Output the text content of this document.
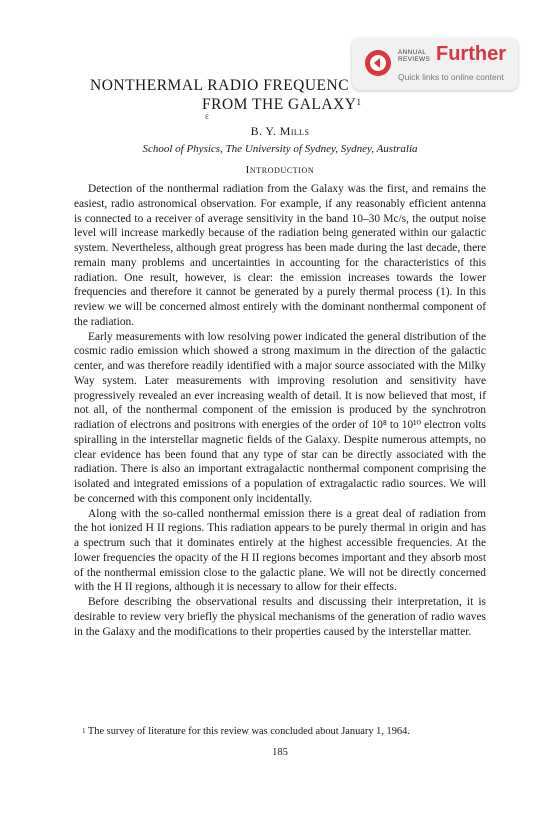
ANNUAL
REVIEWS Further
Quick links to online content
NONTHERMAL RADIO FREQUENC
FROM THE GALAXY$^1$
ɛ
B. Y. Mills
School of Physics, The University of Sydney, Sydney, Australia
Introduction

Detection of the nonthermal radiation from the Galaxy was the first, and remains the easiest, radio astronomical observation. For example, if any reasonably efficient antenna is connected to a receiver of average sensitivity in the band 10–30 Mc/s, the output noise level will increase markedly because of the radiation being generated within our galactic system. Nevertheless, although great progress has been made during the last decade, there remain many problems and uncertainties in accounting for the characteristics of this radiation. One result, however, is clear: the emission increases towards the lower frequencies and therefore it cannot be generated by a purely thermal process (1). In this review we will be concerned almost entirely with the dominant nonthermal component of the radiation.

Early measurements with low resolving power indicated the general distribution of the cosmic radio emission which showed a strong maximum in the direction of the galactic center, and was therefore readily identified with a major source associated with the Milky Way system. Later measurements with improving resolution and sensitivity have progressively revealed an ever increasing wealth of detail. It is now believed that most, if not all, of the nonthermal component of the emission is produced by the synchrotron radiation of electrons and positrons with energies of the order of 10⁸ to 10¹⁰ electron volts spiralling in the interstellar magnetic fields of the Galaxy. Despite numerous attempts, no clear evidence has been found that any type of star can be directly associated with the radiation. There is also an important extragalactic nonthermal component comprising the isolated and integrated emissions of a population of extragalactic radio sources. We will be concerned with this component only incidentally.

Along with the so-called nonthermal emission there is a great deal of radiation from the hot ionized H II regions. This radiation appears to be purely thermal in origin and has a spectrum such that it dominates entirely at the highest accessible frequencies. At the lower frequencies the opacity of the H II regions becomes important and they absorb most of the nonthermal emission close to the galactic plane. We will not be directly concerned with the H II regions, although it is necessary to allow for their effects.

Before describing the observational results and discussing their interpretation, it is desirable to review very briefly the physical mechanisms of the generation of radio waves in the Galaxy and the modifications to their properties caused by the interstellar matter.

$^1$ The survey of literature for this review was concluded about January 1, 1964.
185
